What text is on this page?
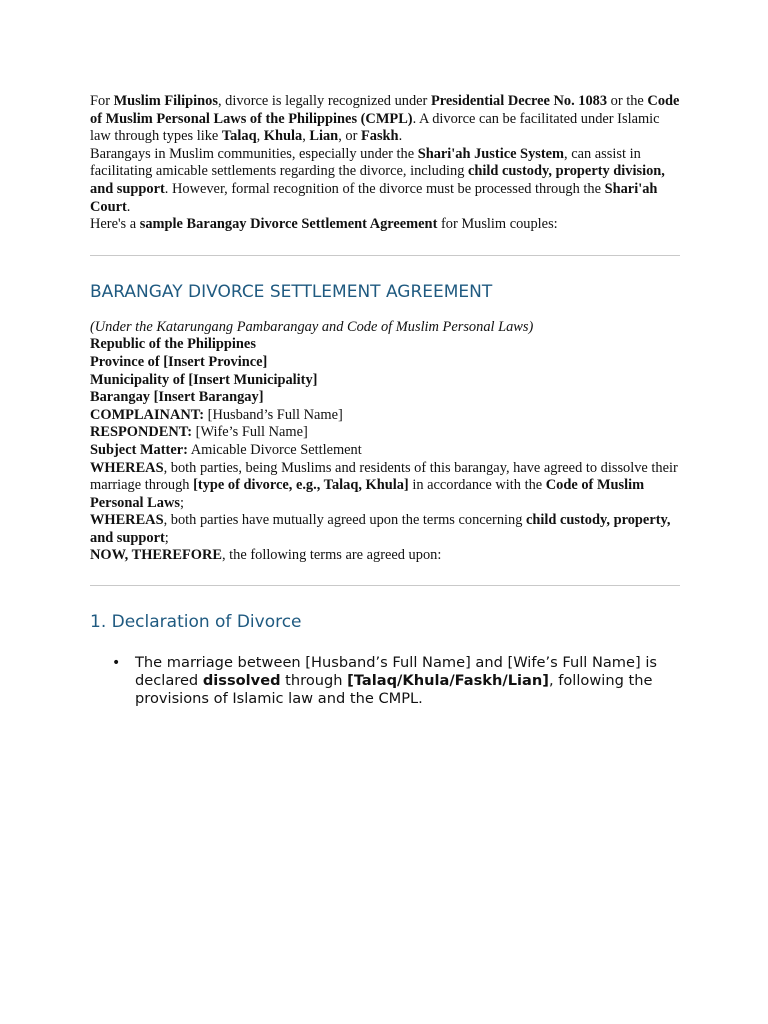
For Muslim Filipinos, divorce is legally recognized under Presidential Decree No. 1083 or the Code of Muslim Personal Laws of the Philippines (CMPL). A divorce can be facilitated under Islamic law through types like Talaq, Khula, Lian, or Faskh.

Barangays in Muslim communities, especially under the Shari'ah Justice System, can assist in facilitating amicable settlements regarding the divorce, including child custody, property division, and support. However, formal recognition of the divorce must be processed through the Shari'ah Court.

Here's a sample Barangay Divorce Settlement Agreement for Muslim couples:

BARANGAY DIVORCE SETTLEMENT AGREEMENT

(Under the Katarungang Pambarangay and Code of Muslim Personal Laws)

Republic of the Philippines
Province of [Insert Province]
Municipality of [Insert Municipality]
Barangay [Insert Barangay]

COMPLAINANT: [Husband’s Full Name]
RESPONDENT: [Wife’s Full Name]

Subject Matter: Amicable Divorce Settlement

WHEREAS, both parties, being Muslims and residents of this barangay, have agreed to dissolve their marriage through [type of divorce, e.g., Talaq, Khula] in accordance with the Code of Muslim Personal Laws;

WHEREAS, both parties have mutually agreed upon the terms concerning child custody, property, and support;

NOW, THEREFORE, the following terms are agreed upon:

1. Declaration of Divorce
• The marriage between [Husband’s Full Name] and [Wife’s Full Name] is declared dissolved through [Talaq/Khula/Faskh/Lian], following the provisions of Islamic law and the CMPL.
